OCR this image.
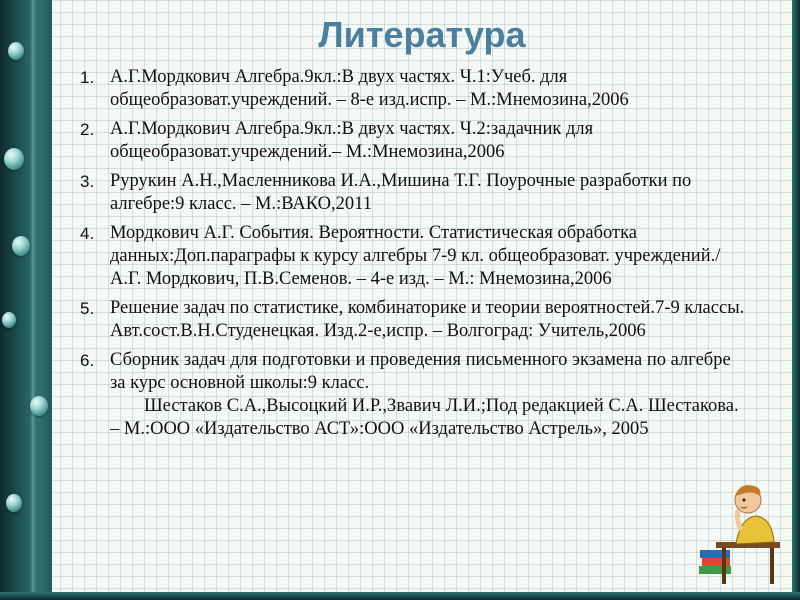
Литература
1. А.Г.Мордкович Алгебра.9кл.:В двух частях. Ч.1:Учеб. для общеобразоват.учреждений. – 8-е изд.испр. – М.:Мнемозина,2006
2. А.Г.Мордкович Алгебра.9кл.:В двух частях. Ч.2:задачник для общеобразоват.учреждений.– М.:Мнемозина,2006
3. Рурукин А.Н.,Масленникова И.А.,Мишина Т.Г. Поурочные разработки по алгебре:9 класс. – М.:ВАКО,2011
4. Мордкович А.Г. События. Вероятности. Статистическая обработка данных:Доп.параграфы к курсу алгебры 7-9 кл. общеобразоват. учреждений./А.Г. Мордкович, П.В.Семенов. – 4-е изд. – М.: Мнемозина,2006
5. Решение задач по статистике, комбинаторике и теории вероятностей.7-9 классы. Авт.сост.В.Н.Студенецкая. Изд.2-е,испр. – Волгоград: Учитель,2006
6. Сборник задач для подготовки и проведения письменного экзамена по алгебре за курс основной школы:9 класс.
Шестаков С.А.,Высоцкий И.Р.,Звавич Л.И.;Под редакцией С.А. Шестакова. – М.:ООО «Издательство АСТ»:ООО «Издательство Астрель», 2005
